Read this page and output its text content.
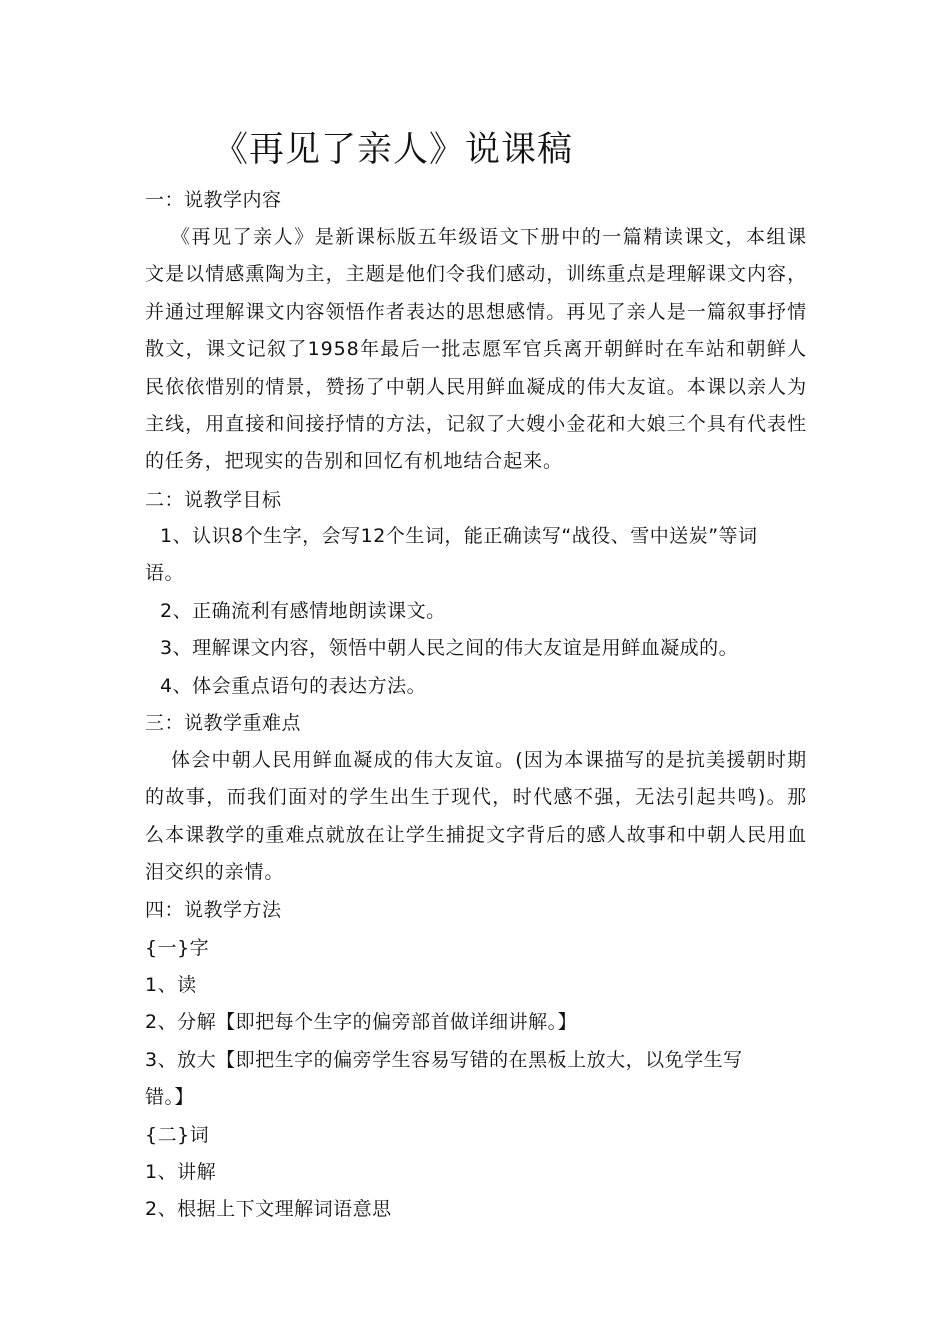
《再见了亲人》说课稿
一：说教学内容

《再见了亲人》是新课标版五年级语文下册中的一篇精读课文，本组课文是以情感熏陶为主，主题是他们令我们感动，训练重点是理解课文内容，并通过理解课文内容领悟作者表达的思想感情。再见了亲人是一篇叙事抒情散文，课文记叙了1958年最后一批志愿军官兵离开朝鲜时在车站和朝鲜人民依依惜别的情景，赞扬了中朝人民用鲜血凝成的伟大友谊。本课以亲人为主线，用直接和间接抒情的方法，记叙了大嫂小金花和大娘三个具有代表性的任务，把现实的告别和回忆有机地结合起来。

二：说教学目标
1、认识8个生字，会写12个生词，能正确读写“战役、雪中送炭”等词
语。
2、正确流利有感情地朗读课文。
3、理解课文内容，领悟中朝人民之间的伟大友谊是用鲜血凝成的。
4、体会重点语句的表达方法。
三：说教学重难点

体会中朝人民用鲜血凝成的伟大友谊。(因为本课描写的是抗美援朝时期的故事，而我们面对的学生出生于现代，时代感不强，无法引起共鸣)。那么本课教学的重难点就放在让学生捕捉文字背后的感人故事和中朝人民用血泪交织的亲情。

四：说教学方法
{一}字
1、读
2、分解【即把每个生字的偏旁部首做详细讲解。】
3、放大【即把生字的偏旁学生容易写错的在黑板上放大，以免学生写
错。】
{二}词
1、讲解
2、根据上下文理解词语意思
